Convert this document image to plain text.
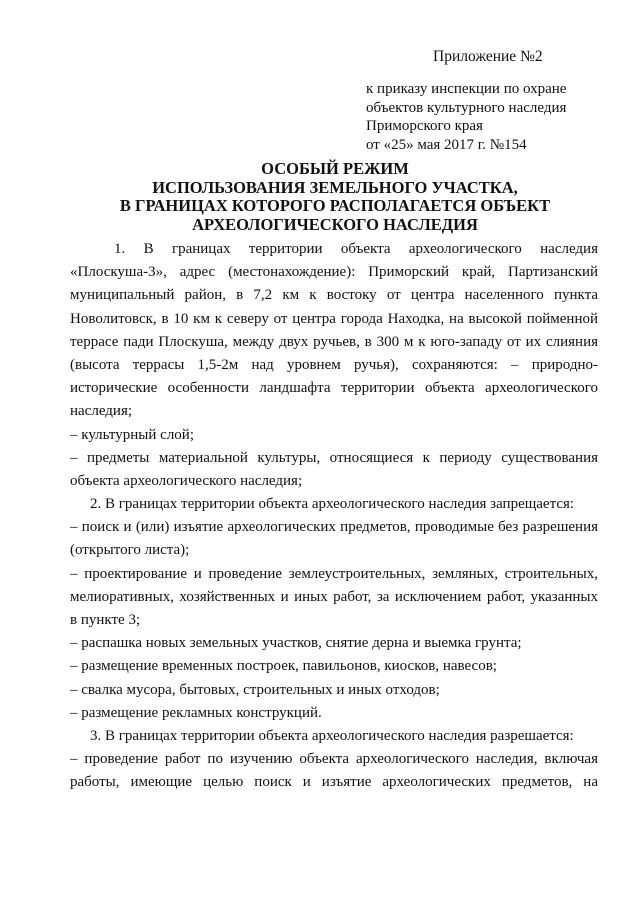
Приложение №2
к приказу инспекции по охране
объектов культурного наследия
Приморского края
от «25» мая 2017 г. №154
ОСОБЫЙ РЕЖИМ
ИСПОЛЬЗОВАНИЯ ЗЕМЕЛЬНОГО УЧАСТКА,
В ГРАНИЦАХ КОТОРОГО РАСПОЛАГАЕТСЯ ОБЪЕКТ
АРХЕОЛОГИЧЕСКОГО НАСЛЕДИЯ
1. В границах территории объекта археологического наследия
«Плоскуша-3», адрес (местонахождение): Приморский край, Партизанский
муниципальный район, в 7,2 км к востоку от центра населенного пункта
Новолитовск, в 10 км к северу от центра города Находка, на высокой пойменной
террасе пади Плоскуша, между двух ручьев, в 300 м к юго-западу от их слияния
(высота террасы 1,5-2м над уровнем ручья), сохраняются: – природно-
исторические особенности ландшафта территории объекта археологического
наследия;
– культурный слой;
– предметы материальной культуры, относящиеся к периоду существования
объекта археологического наследия;
2. В границах территории объекта археологического наследия запрещается:
– поиск и (или) изъятие археологических предметов, проводимые без разрешения
(открытого листа);
– проектирование и проведение землеустроительных, земляных, строительных,
мелиоративных, хозяйственных и иных работ, за исключением работ, указанных
в пункте 3;
– распашка новых земельных участков, снятие дерна и выемка грунта;
– размещение временных построек, павильонов, киосков, навесов;
– свалка мусора, бытовых, строительных и иных отходов;
– размещение рекламных конструкций.
3. В границах территории объекта археологического наследия разрешается:
– проведение работ по изучению объекта археологического наследия, включая
работы, имеющие целью поиск и изъятие археологических предметов, на
